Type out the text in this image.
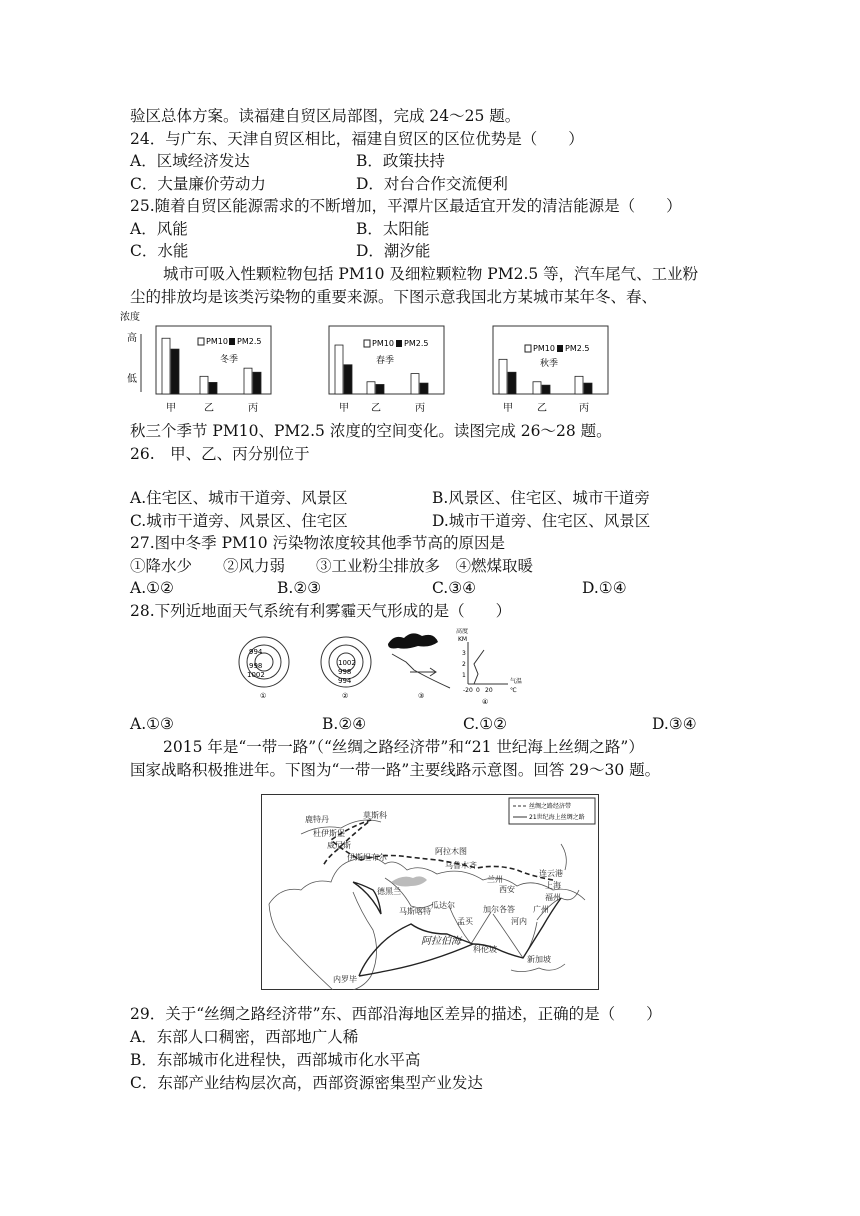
验区总体方案。读福建自贸区局部图，完成 24～25 题。
24．与广东、天津自贸区相比，福建自贸区的区位优势是（　　）
A．区域经济发达	B．政策扶持
C．大量廉价劳动力	D．对台合作交流便利
25.随着自贸区能源需求的不断增加，平潭片区最适宜开发的清洁能源是（　　）
A．风能	B．太阳能
C．水能	D．潮汐能
城市可吸入性颗粒物包括 PM10 及细粒颗粒物 PM2.5 等，汽车尾气、工业粉
尘的排放均是该类污染物的重要来源。下图示意我国北方某城市某年冬、春、
浓度
高
低
PM10 PM2.5
冬季
甲	乙	丙
PM10 PM2.5
春季
甲 乙	丙
PM10 PM2.5
秋季
甲 乙	丙
秋三个季节 PM10、PM2.5 浓度的空间变化。读图完成 26～28 题。
26.　甲、乙、丙分别位于
A.住宅区、城市干道旁、风景区	B.风景区、住宅区、城市干道旁
C.城市干道旁、风景区、住宅区	D.城市干道旁、住宅区、风景区
27.图中冬季 PM10 污染物浓度较其他季节高的原因是
①降水少　　②风力弱　　③工业粉尘排放多　④燃煤取暖
A.①②	B.②③	C.③④	D.①④
28.下列近地面天气系统有利雾霾天气形成的是（　　）
994
998
1002
①
1002
998
994
②	③
高度
KM
3
2
1
-20 0 20
气温
℃
④
A.①③	B.②④	C.①②	D.③④
2015 年是“一带一路”（“丝绸之路经济带”和“21 世纪海上丝绸之路”）
国家战略积极推进年。下图为“一带一路”主要线路示意图。回答 29～30 题。
丝绸之路经济带
21世纪海上丝绸之路
莫斯科
鹿特丹
杜伊斯堡
威尼斯
伊斯坦布尔
阿拉木图
乌鲁木齐
德黑兰
兰州
西安
连云港
上海
福州
广州
瓜达尔	加尔各答
马斯喀特
孟买	河内
科伦坡
阿拉伯海
内罗毕
新加坡
29．关于“丝绸之路经济带”东、西部沿海地区差异的描述，正确的是（　　）
A．东部人口稠密，西部地广人稀
B．东部城市化进程快，西部城市化水平高
C．东部产业结构层次高，西部资源密集型产业发达
